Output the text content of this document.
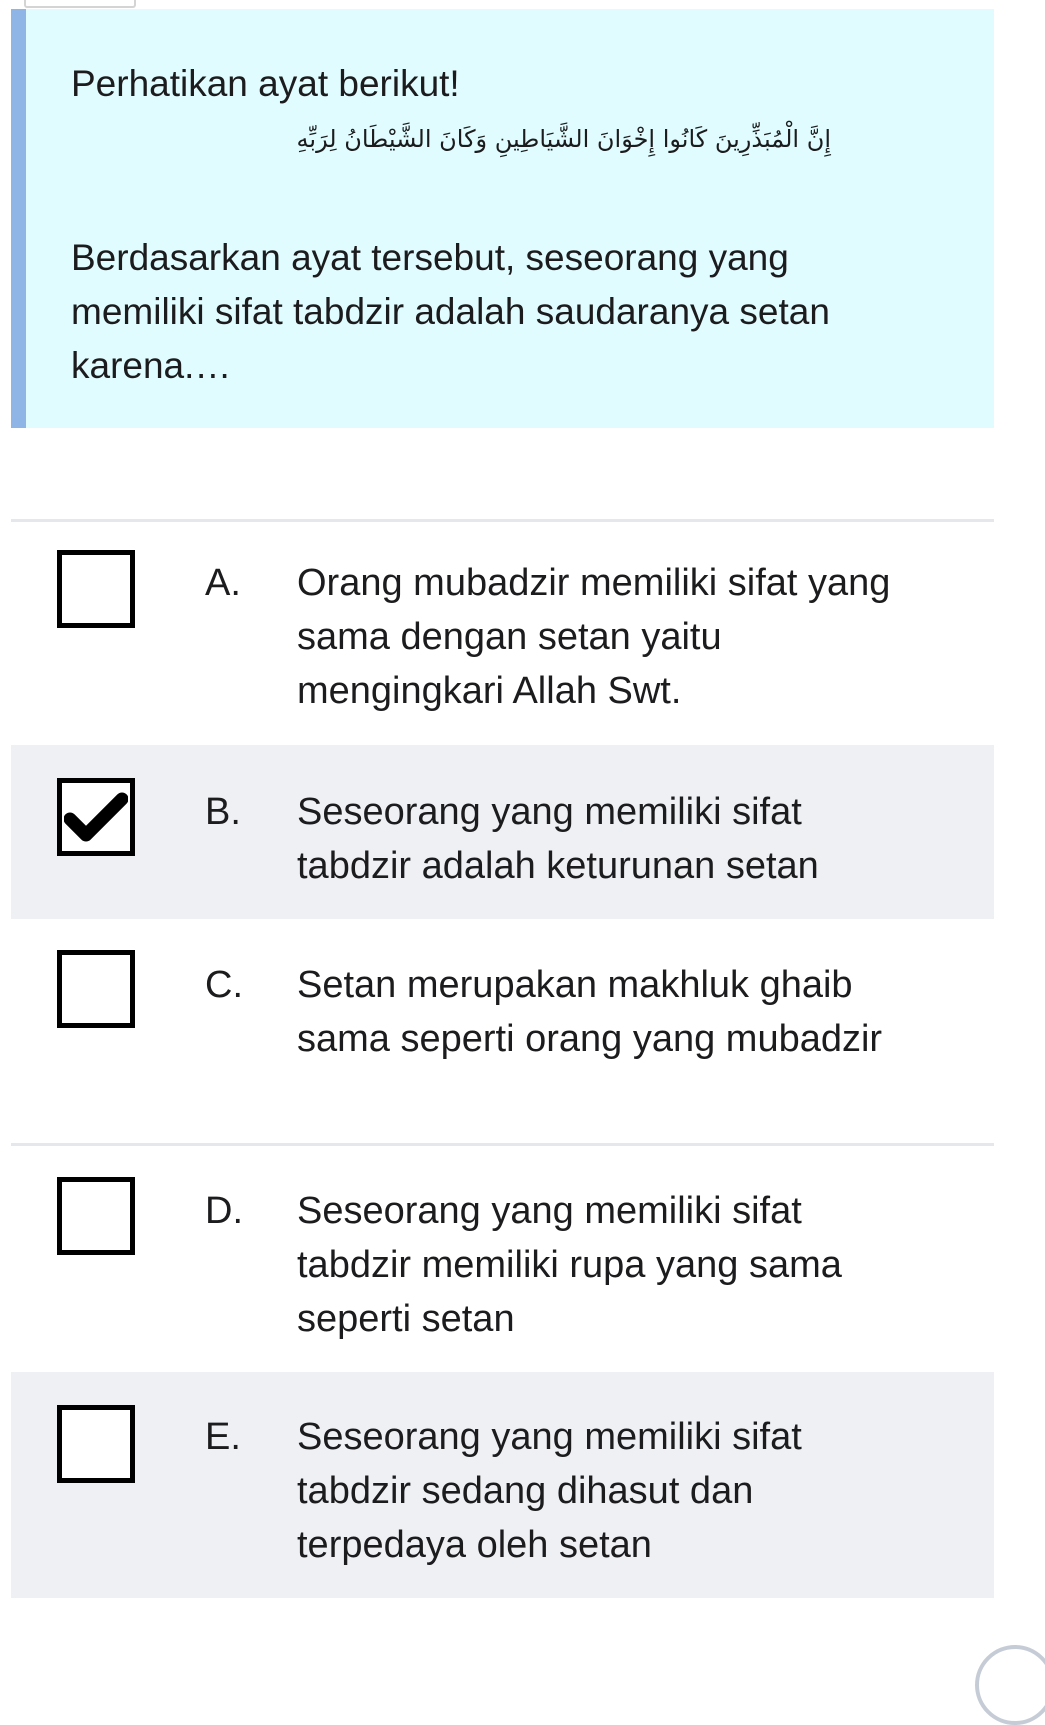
Perhatikan ayat berikut!
إِنَّ الْمُبَذِّرِينَ كَانُوا إِخْوَانَ الشَّيَاطِينِ وَكَانَ الشَّيْطَانُ لِرَبِّهِ
Berdasarkan ayat tersebut, seseorang yang memiliki sifat tabdzir adalah saudaranya setan karena.…
A. Orang mubadzir memiliki sifat yang sama dengan setan yaitu mengingkari Allah Swt.
B. Seseorang yang memiliki sifat tabdzir adalah keturunan setan
C. Setan merupakan makhluk ghaib sama seperti orang yang mubadzir
D. Seseorang yang memiliki sifat tabdzir memiliki rupa yang sama seperti setan
E. Seseorang yang memiliki sifat tabdzir sedang dihasut dan terpedaya oleh setan
